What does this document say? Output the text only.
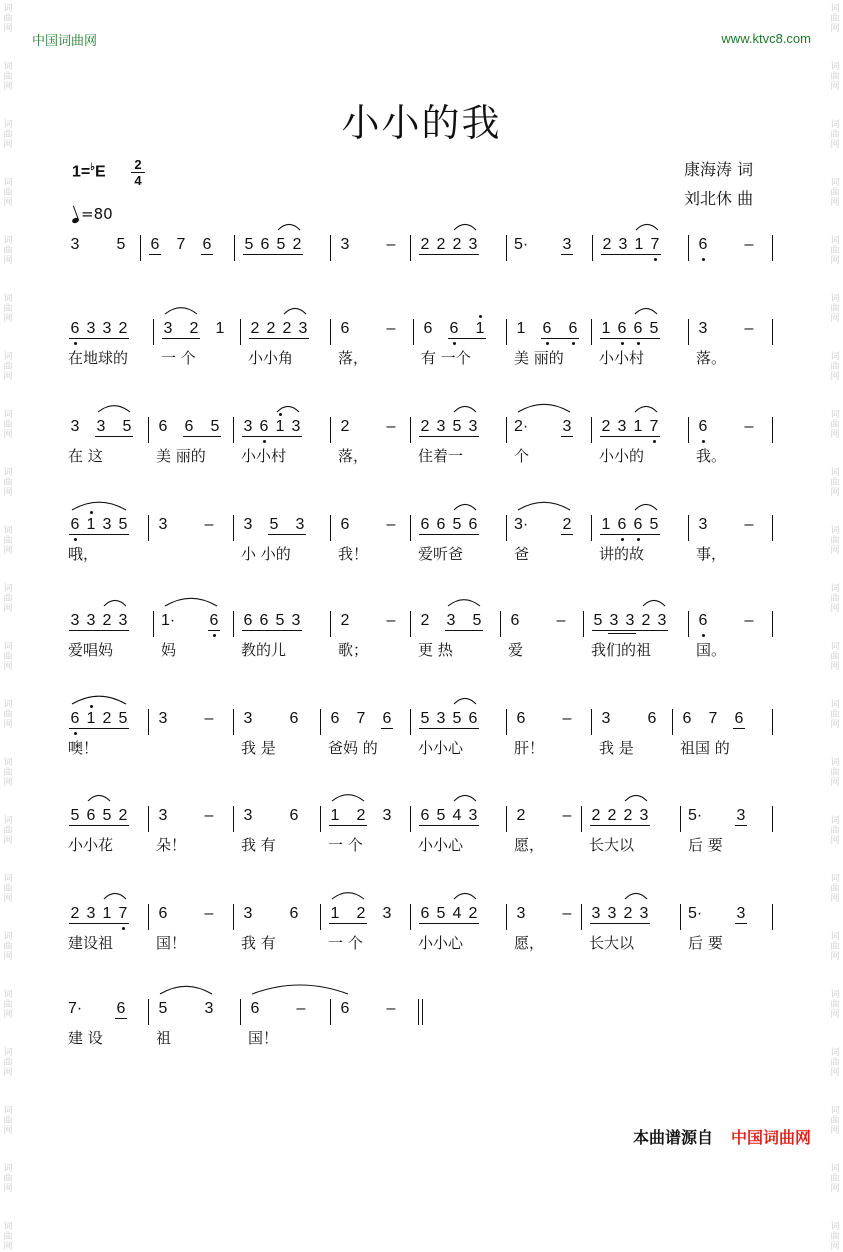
词
曲
网
词
曲
网
词
曲
网
词
曲
网
词
曲
网
词
曲
网
词
曲
网
词
曲
网
词
曲
网
词
曲
网
词
曲
网
词
曲
网
词
曲
网
词
曲
网
词
曲
网
词
曲
网
词
曲
网
词
曲
网
词
曲
网
词
曲
网
词
曲
网
词
曲
网
词
曲
网
词
曲
网
词
曲
网
词
曲
网
词
曲
网
词
曲
网
词
曲
网
词
曲
网
词
曲
网
词
曲
网
词
曲
网
词
曲
网
词
曲
网
词
曲
网
词
曲
网
词
曲
网
词
曲
网
词
曲
网
词
曲
网
词
曲
网
词
曲
网
词
曲
网
中国词曲网	www.ktvc8.com
小小的我
康海涛 词
刘北休 曲
1=♭E 2
4
=80
3 5 6 7 6 5 6 5 2 3 – 2 2 2 3 5· 3 2 3 1 7 6 –
6 3 3 2 3 2 1 2 2 2 3 6 – 6 6 1 1 6 6 1 6 6 5	3 –
在地球的 一 个	小小角	落，	有 一个	美 丽的 小小村	落。
3 3 5 6 6 5 3 6 1 3	2 – 2 3 5 3 2· 3 2 3 1 7	6 –
在 这	美 丽的 小小村	落，	住着一	个	小小的	我。
6 1 3 5 3 – 3 5 3 6 – 6 6 5 6 3· 2 1 6 6 5	3 –
哦，	小 小的	我！	爱听爸	爸	讲的故	事，
3 3 2 3 1· 6 6 6 5 3	2 – 2 3 5 6 – 5 3 3 2 3 6 –
爱唱妈	妈	教的儿	歌；	更 热	爱	我们的祖	国。
6 1 2 5 3 – 3 6 6 7 6 5 3 5 6 6 – 3 6 6 7 6
噢！	我 是	爸妈 的	小小心	肝！	我 是	祖国 的
5 6 5 2 3 – 3 6 1 2 3 6 5 4 3 2 – 2 2 2 3 5· 3
小小花	朵！	我 有	一 个	小小心	愿，	长大以	后 要
2 3 1 7 6 – 3 6 1 2 3 6 5 4 2 3 – 3 3 2 3 5· 3
建设祖	国！	我 有	一 个	小小心	愿，	长大以	后 要
7· 6 5 3 6 – 6 –
建 设	祖	国！
本曲谱源自 中国词曲网
